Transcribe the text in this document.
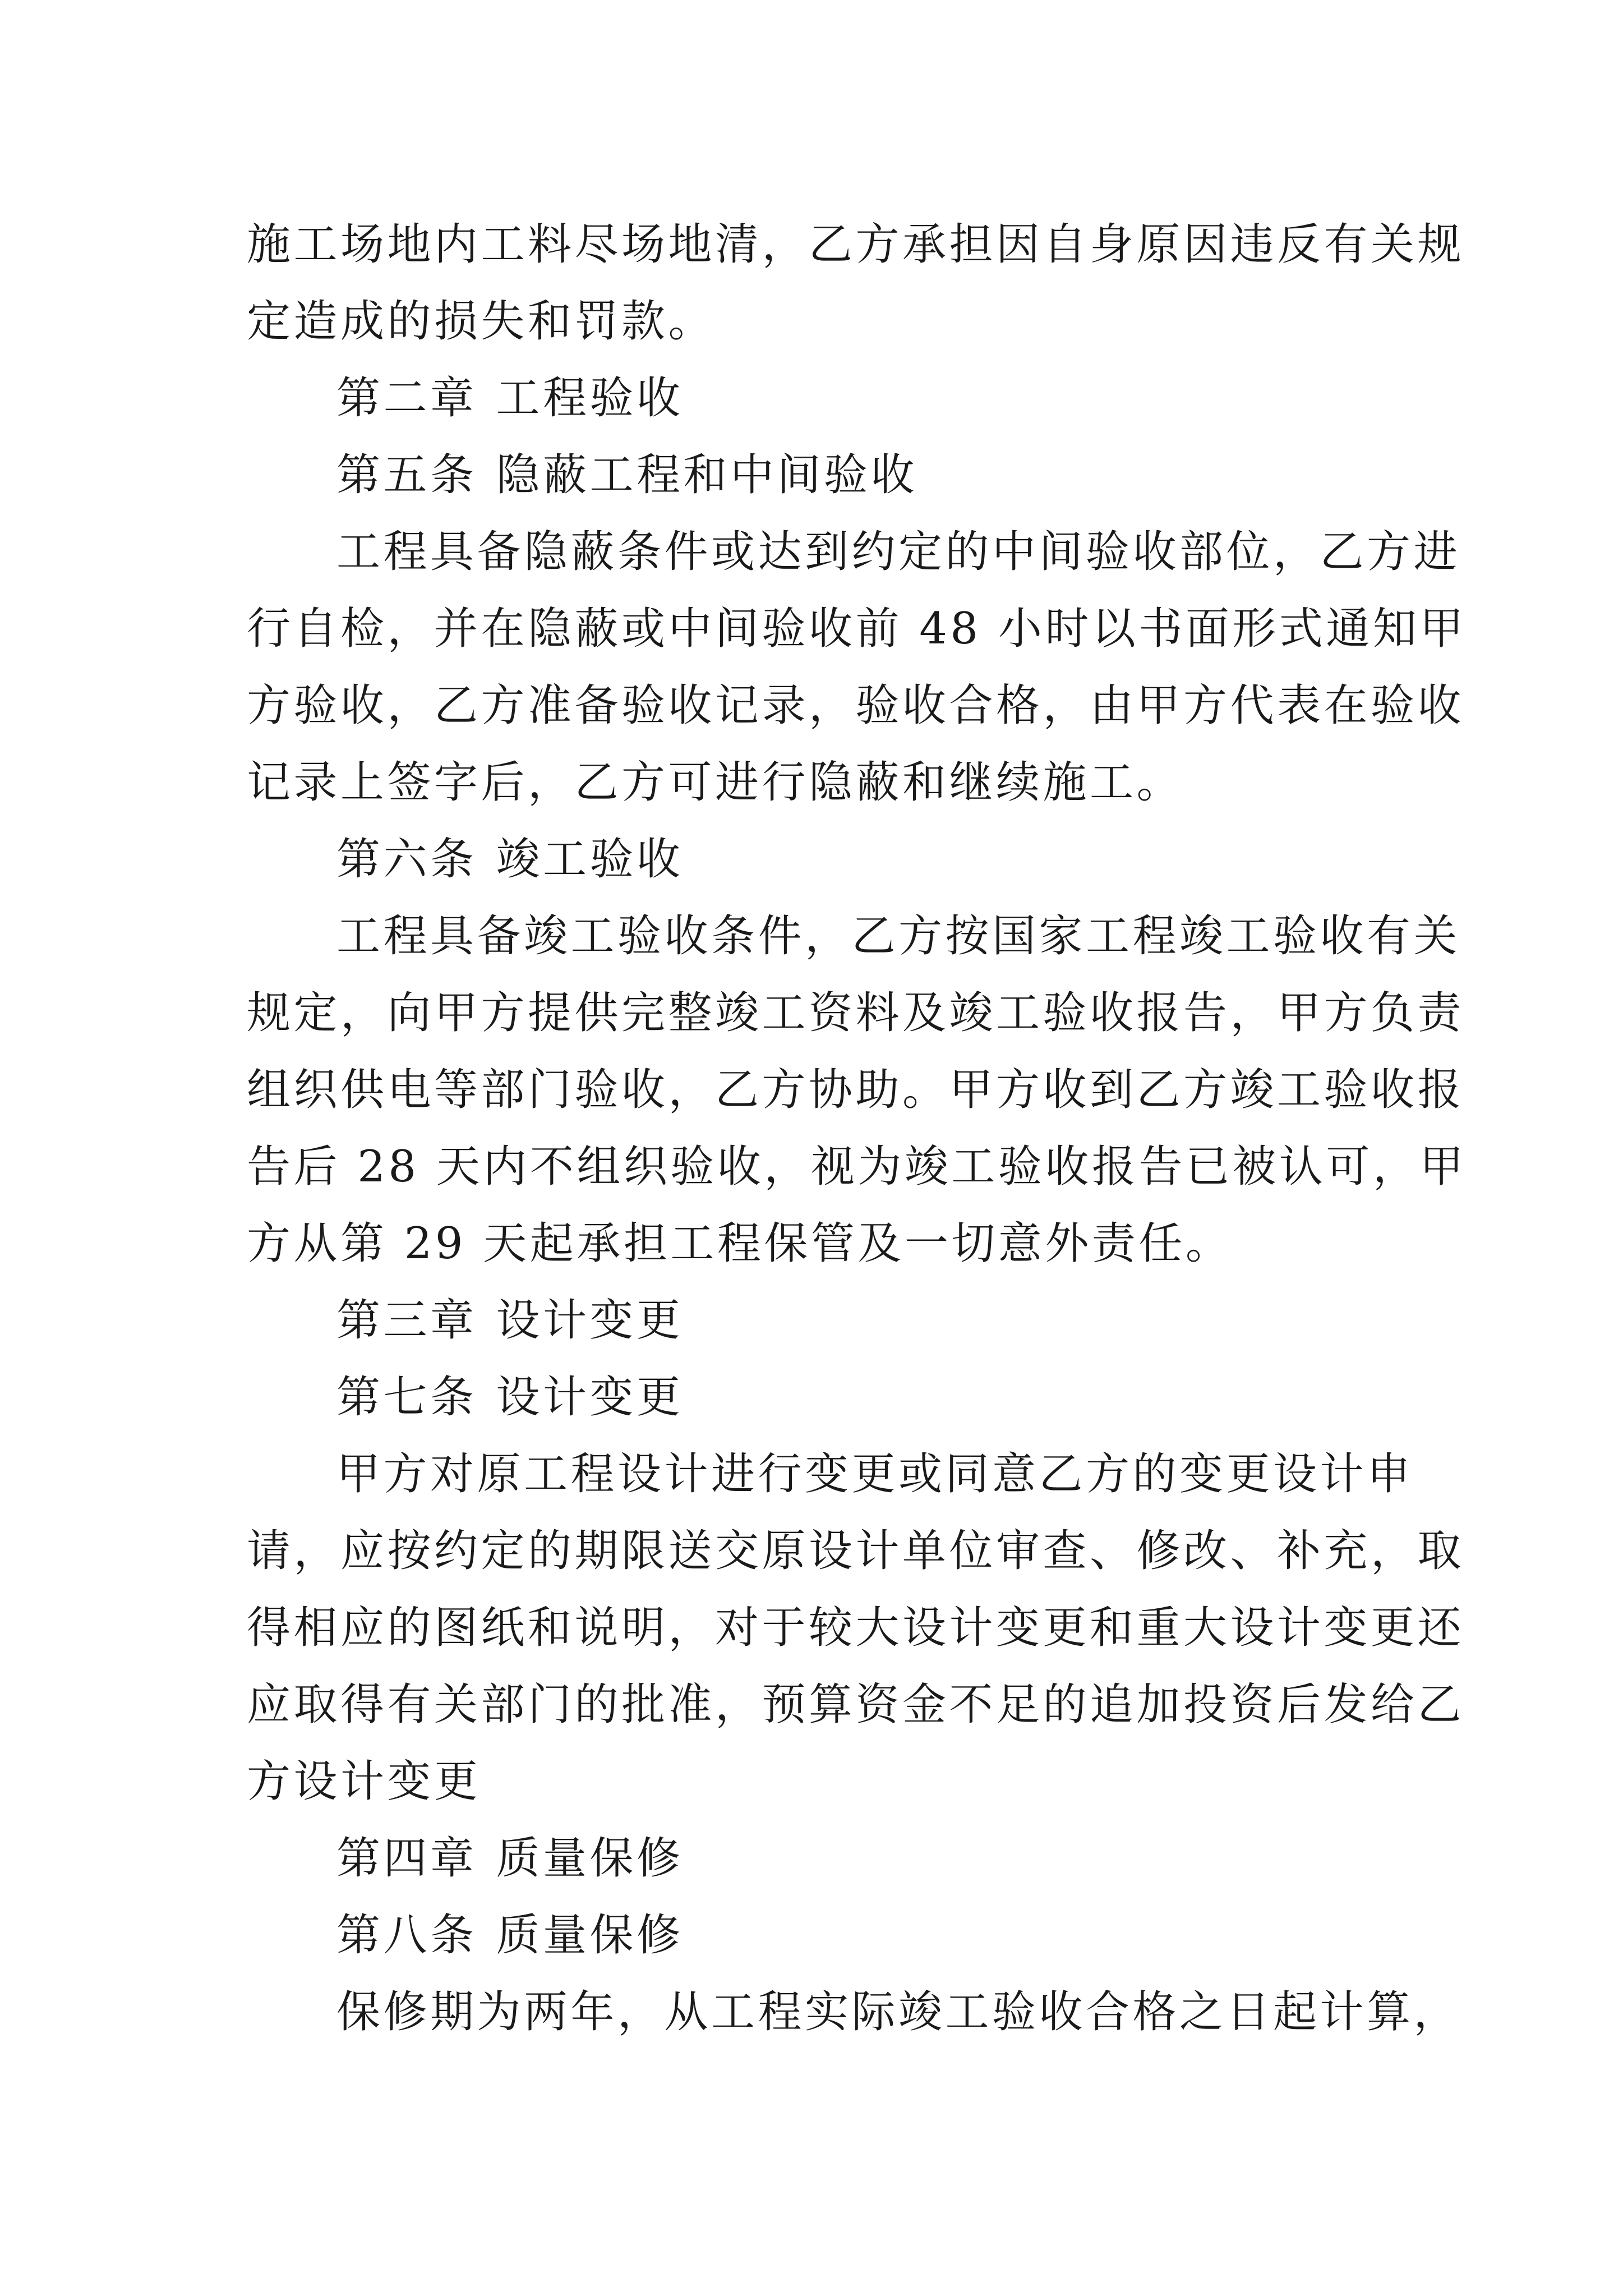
施工场地内工料尽场地清，乙方承担因自身原因违反有关规
定造成的损失和罚款。
第二章 工程验收
第五条 隐蔽工程和中间验收
工程具备隐蔽条件或达到约定的中间验收部位，乙方进
行自检，并在隐蔽或中间验收前 48 小时以书面形式通知甲
方验收，乙方准备验收记录，验收合格，由甲方代表在验收
记录上签字后，乙方可进行隐蔽和继续施工。
第六条 竣工验收
工程具备竣工验收条件，乙方按国家工程竣工验收有关
规定，向甲方提供完整竣工资料及竣工验收报告，甲方负责
组织供电等部门验收，乙方协助。甲方收到乙方竣工验收报
告后 28 天内不组织验收，视为竣工验收报告已被认可，甲
方从第 29 天起承担工程保管及一切意外责任。
第三章 设计变更
第七条 设计变更
甲方对原工程设计进行变更或同意乙方的变更设计申
请，应按约定的期限送交原设计单位审查、修改、补充，取
得相应的图纸和说明，对于较大设计变更和重大设计变更还
应取得有关部门的批准，预算资金不足的追加投资后发给乙
方设计变更
第四章 质量保修
第八条 质量保修
保修期为两年，从工程实际竣工验收合格之日起计算，
